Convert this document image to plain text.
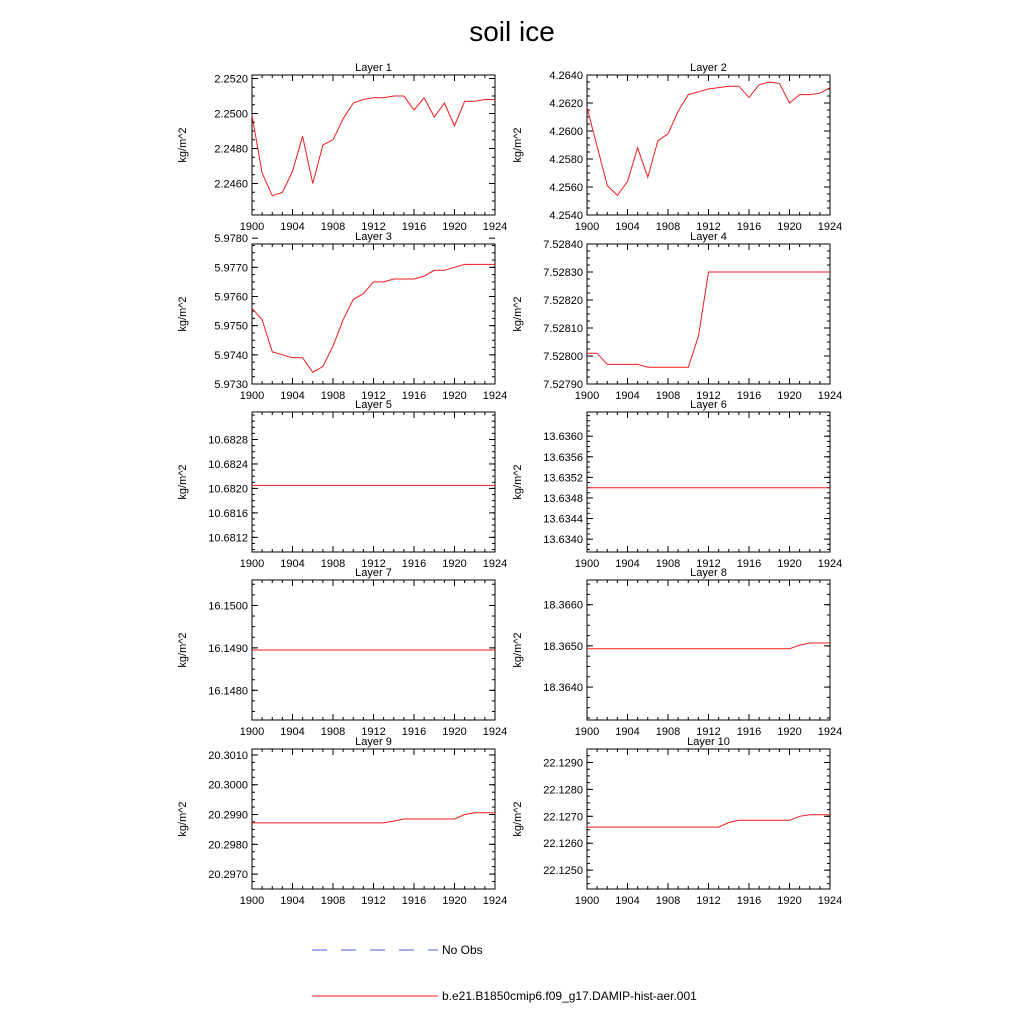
soil ice
Layer 1
1900 1904 1908 1912 1916 1920 1924
2.2460
2.2480
2.2500
2.2520
kg/m^2
Layer 2
1900 1904 1908 1912 1916 1920 1924
4.2540
4.2560
4.2580
4.2600
4.2620
4.2640
kg/m^2
Layer 3
1900 1904 1908 1912 1916 1920 1924
5.9730
5.9740
5.9750
5.9760
5.9770
5.9780
kg/m^2
Layer 4
1900 1904 1908 1912 1916 1920 1924
7.52790
7.52800
7.52810
7.52820
7.52830
7.52840
kg/m^2
Layer 5
1900 1904 1908 1912 1916 1920 1924
10.6812
10.6816
10.6820
10.6824
10.6828
kg/m^2
Layer 6
1900 1904 1908 1912 1916 1920 1924
13.6340
13.6344
13.6348
13.6352
13.6356
13.6360
kg/m^2
Layer 7
1900 1904 1908 1912 1916 1920 1924
16.1480
16.1490
16.1500
kg/m^2
Layer 8
1900 1904 1908 1912 1916 1920 1924
18.3640
18.3650
18.3660
kg/m^2
Layer 9
1900 1904 1908 1912 1916 1920 1924
20.2970
20.2980
20.2990
20.3000
20.3010
kg/m^2
Layer 10
1900 1904 1908 1912 1916 1920 1924
22.1250
22.1260
22.1270
22.1280
22.1290
kg/m^2
No Obs
b.e21.B1850cmip6.f09_g17.DAMIP-hist-aer.001
